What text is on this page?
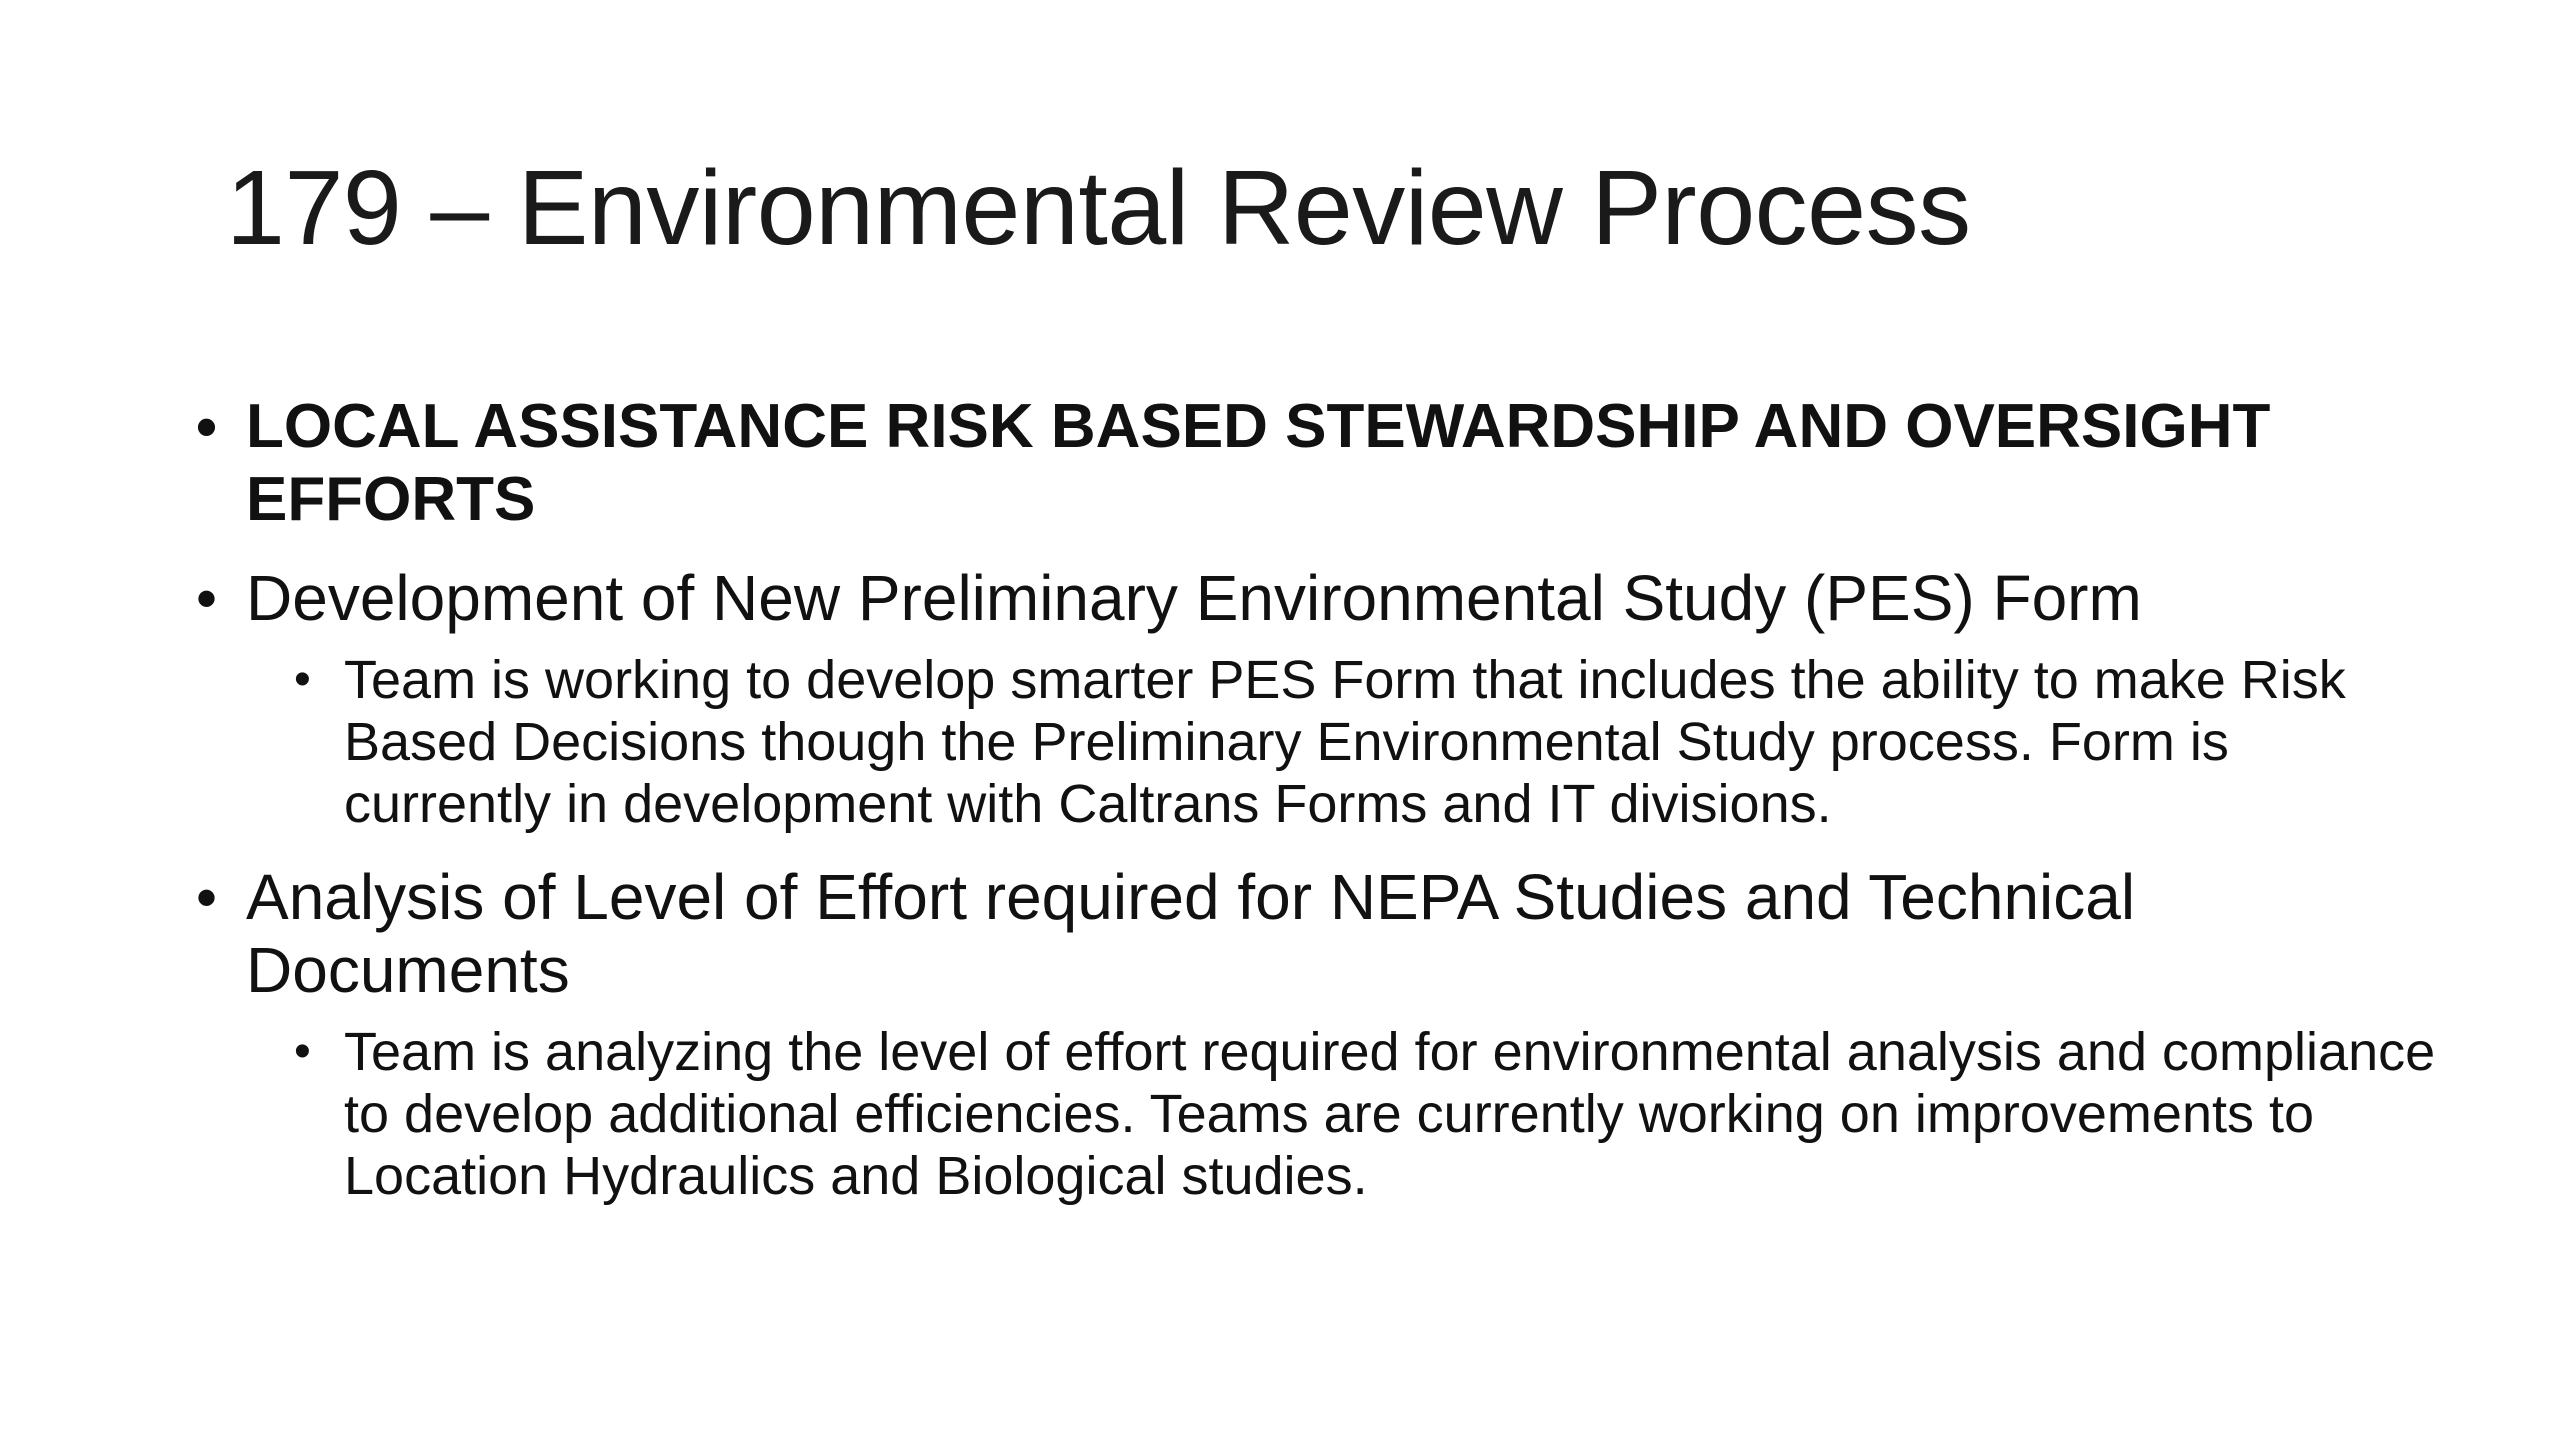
179 – Environmental Review Process

• LOCAL ASSISTANCE RISK BASED STEWARDSHIP AND OVERSIGHT EFFORTS

• Development of New Preliminary Environmental Study (PES) Form

• Team is working to develop smarter PES Form that includes the ability to make Risk Based Decisions though the Preliminary Environmental Study process. Form is currently in development with Caltrans Forms and IT divisions.

• Analysis of Level of Effort required for NEPA Studies and Technical Documents

• Team is analyzing the level of effort required for environmental analysis and compliance to develop additional efficiencies. Teams are currently working on improvements to Location Hydraulics and Biological studies.
